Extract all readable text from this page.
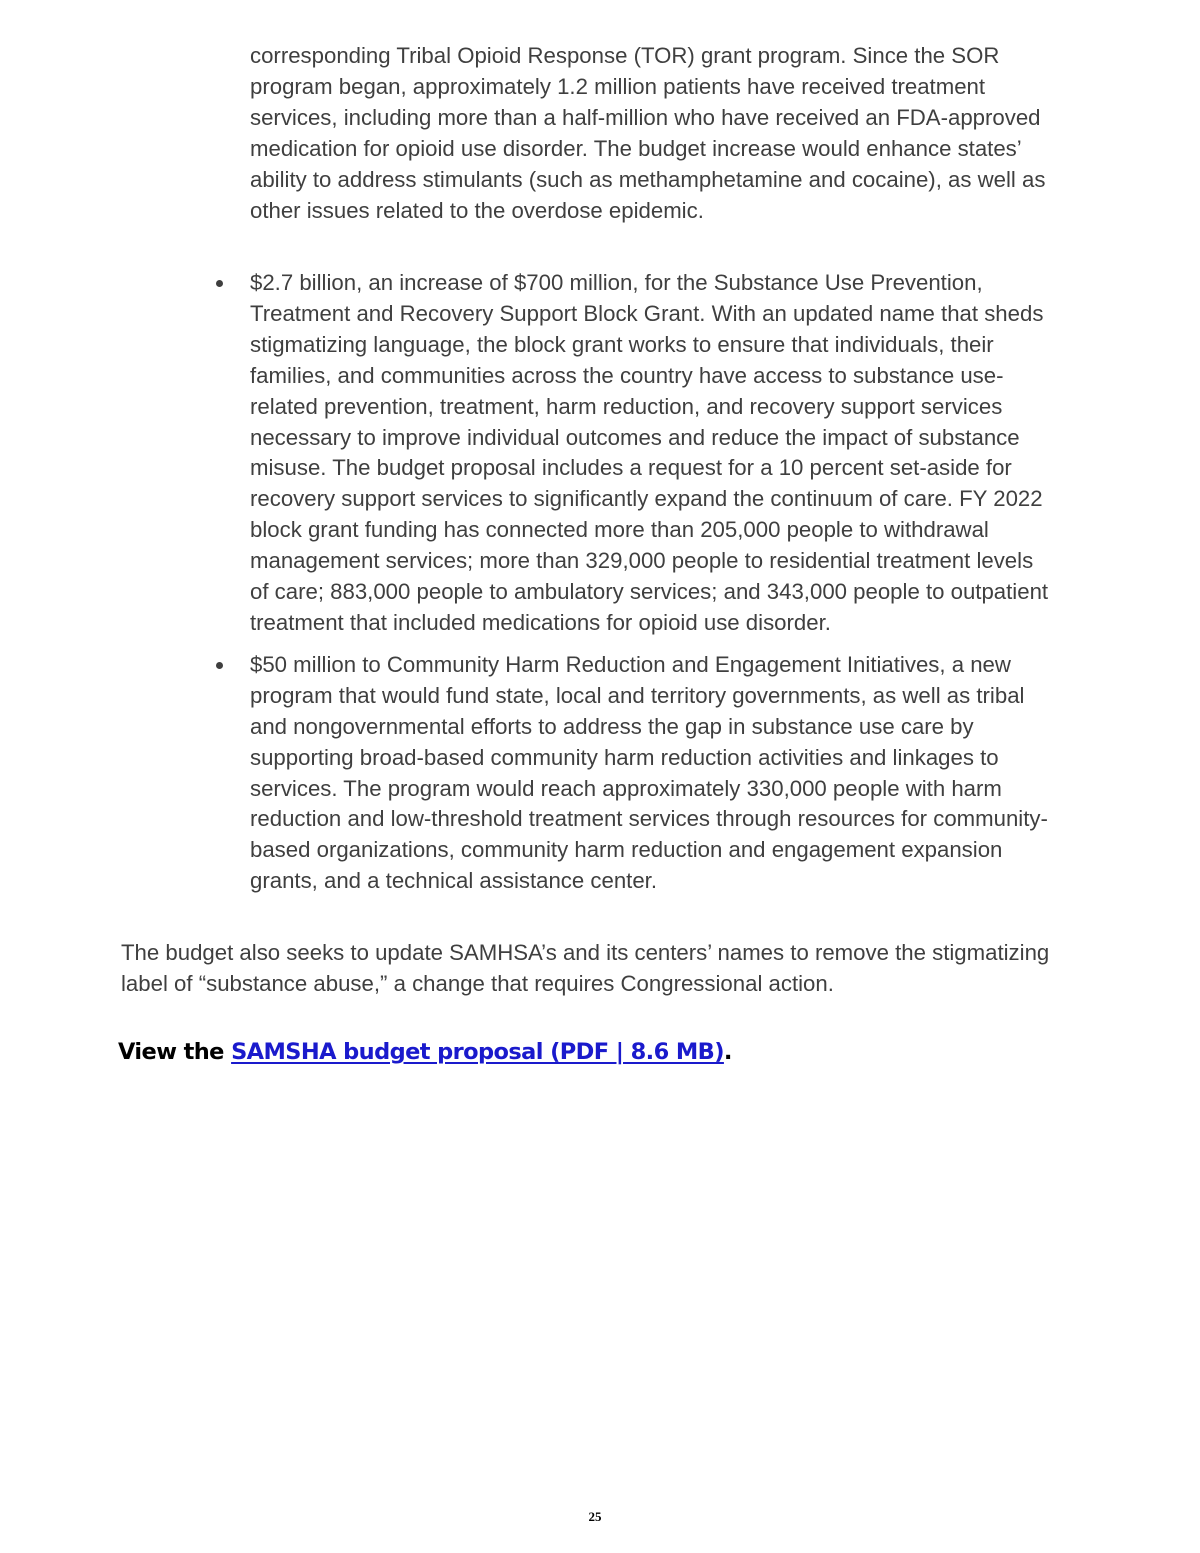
corresponding Tribal Opioid Response (TOR) grant program. Since the SOR program began, approximately 1.2 million patients have received treatment services, including more than a half-million who have received an FDA-approved medication for opioid use disorder. The budget increase would enhance states’ ability to address stimulants (such as methamphetamine and cocaine), as well as other issues related to the overdose epidemic.

$2.7 billion, an increase of $700 million, for the Substance Use Prevention, Treatment and Recovery Support Block Grant. With an updated name that sheds stigmatizing language, the block grant works to ensure that individuals, their families, and communities across the country have access to substance use-related prevention, treatment, harm reduction, and recovery support services necessary to improve individual outcomes and reduce the impact of substance misuse. The budget proposal includes a request for a 10 percent set-aside for recovery support services to significantly expand the continuum of care. FY 2022 block grant funding has connected more than 205,000 people to withdrawal management services; more than 329,000 people to residential treatment levels of care; 883,000 people to ambulatory services; and 343,000 people to outpatient treatment that included medications for opioid use disorder.
$50 million to Community Harm Reduction and Engagement Initiatives, a new program that would fund state, local and territory governments, as well as tribal and nongovernmental efforts to address the gap in substance use care by supporting broad-based community harm reduction activities and linkages to services. The program would reach approximately 330,000 people with harm reduction and low-threshold treatment services through resources for community-based organizations, community harm reduction and engagement expansion grants, and a technical assistance center.

The budget also seeks to update SAMHSA’s and its centers’ names to remove the stigmatizing label of “substance abuse,” a change that requires Congressional action.

View the SAMSHA budget proposal (PDF | 8.6 MB).

25
